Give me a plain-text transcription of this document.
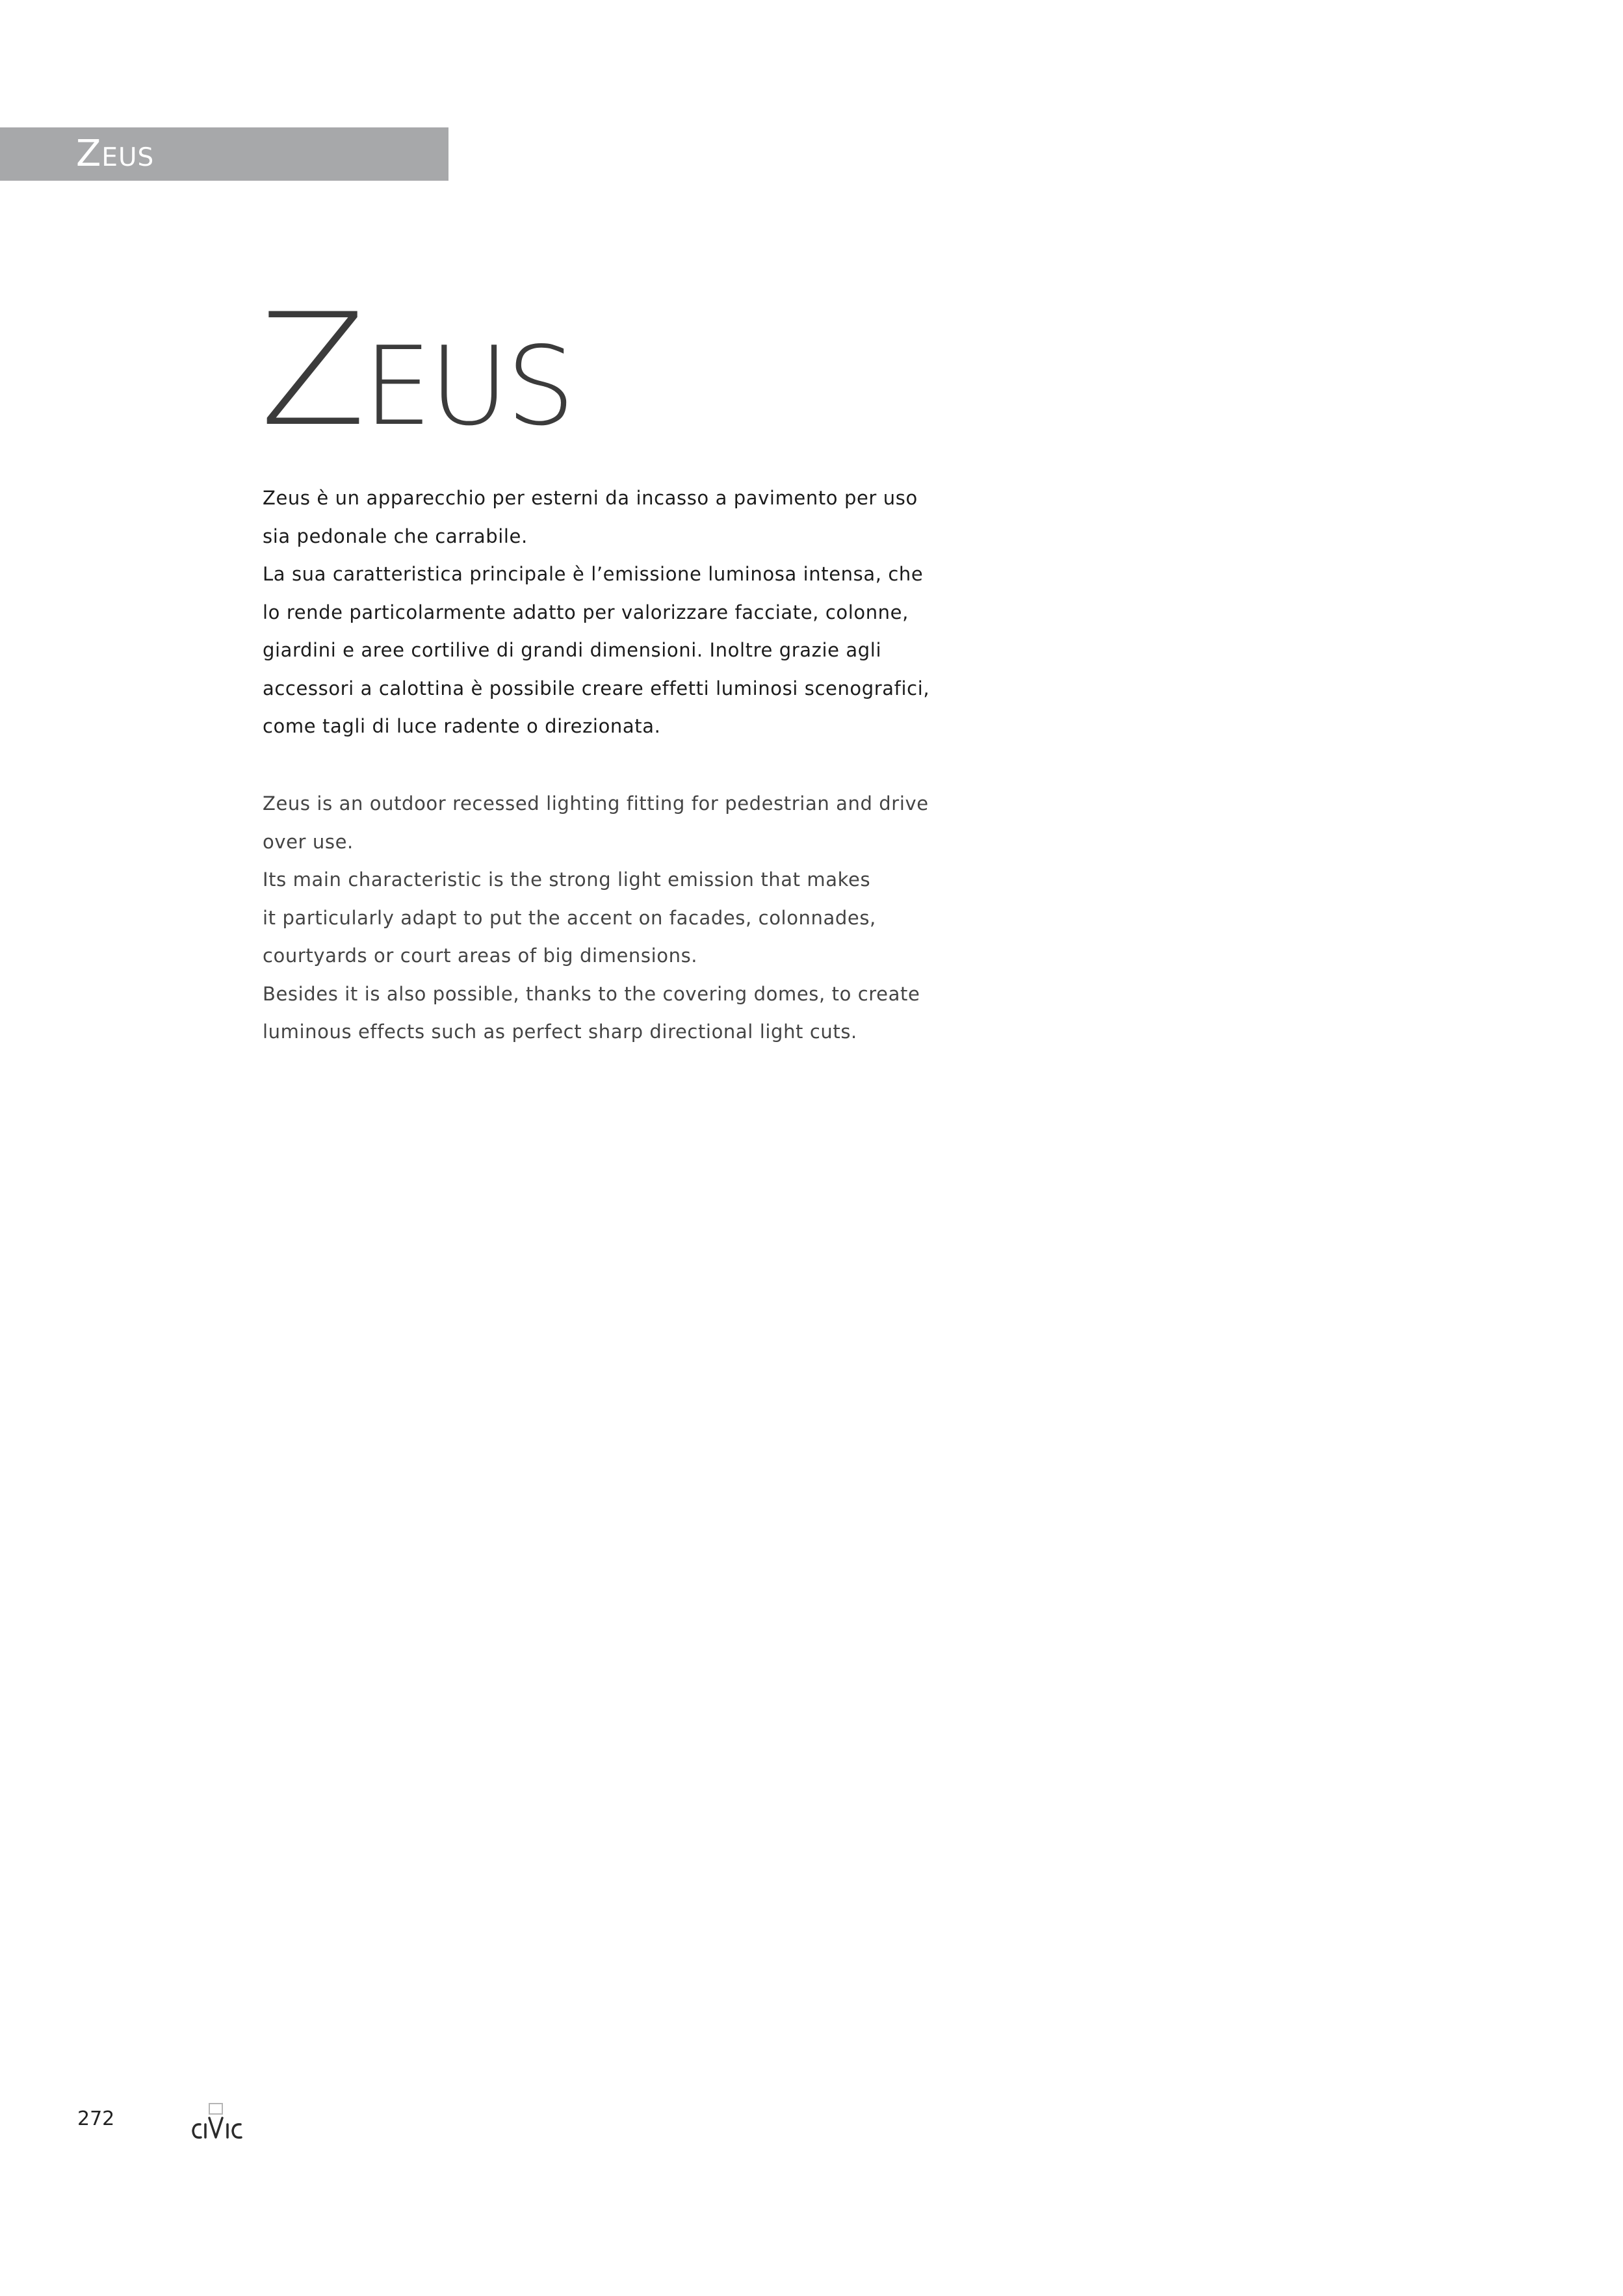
Zeus
Zeus
Zeus è un apparecchio per esterni da incasso a pavimento per uso
sia pedonale che carrabile.
La sua caratteristica principale è l’emissione luminosa intensa, che
lo rende particolarmente adatto per valorizzare facciate, colonne,
giardini e aree cortilive di grandi dimensioni. Inoltre grazie agli
accessori a calottina è possibile creare effetti luminosi scenografici,
come tagli di luce radente o direzionata.
Zeus is an outdoor recessed lighting fitting for pedestrian and drive
over use.
Its main characteristic is the strong light emission that makes
it particularly adapt to put the accent on facades, colonnades,
courtyards or court areas of big dimensions.
Besides it is also possible, thanks to the covering domes, to create
luminous effects such as perfect sharp directional light cuts.
272
